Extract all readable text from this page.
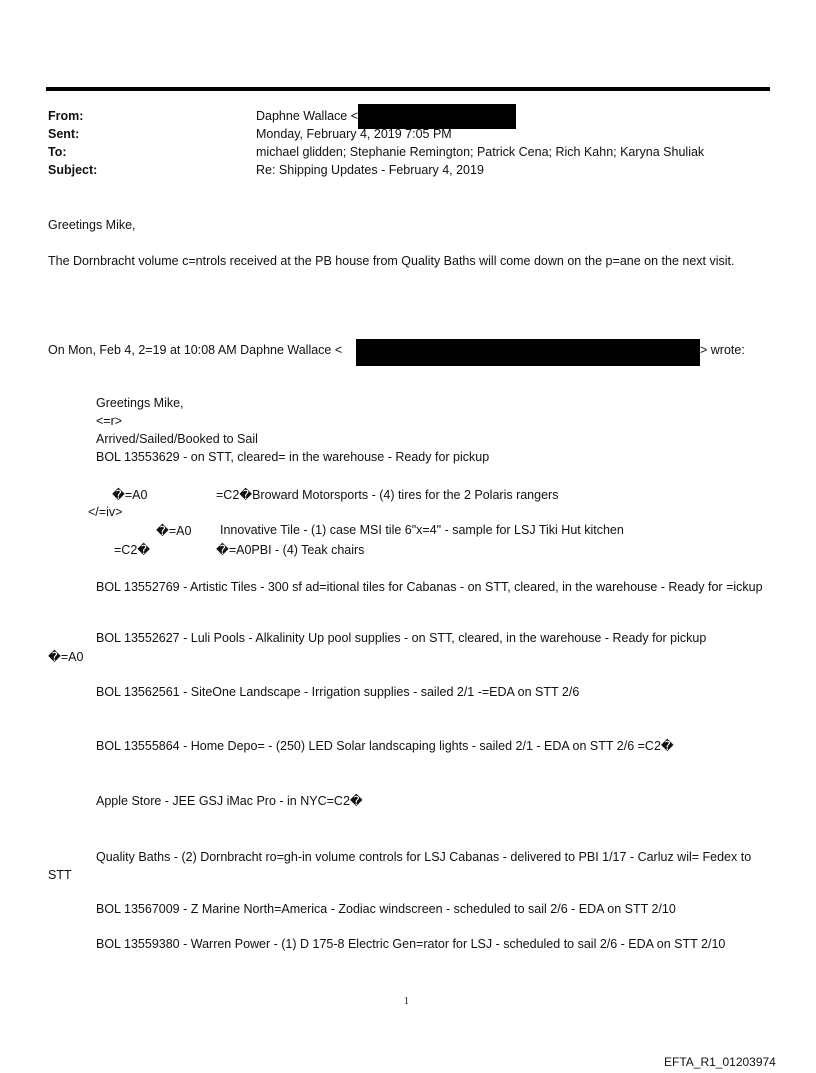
From:	Daphne Wallace <
Sent:	Monday, February 4, 2019 7:05 PM
To:	michael glidden; Stephanie Remington; Patrick Cena; Rich Kahn; Karyna Shuliak
Subject:	Re: Shipping Updates - February 4, 2019
Greetings Mike,
The Dornbracht volume c=ntrols received at the PB house from Quality Baths will come down on the p=ane on the next visit.
On Mon, Feb 4, 2=19 at 10:08 AM Daphne Wallace <	> wrote:
Greetings Mike,
<=r>
Arrived/Sailed/Booked to Sail
BOL 13553629 - on STT, cleared= in the warehouse - Ready for pickup
�=A0	=C2�Broward Motorsports - (4) tires for the 2 Polaris rangers
</=iv>
�=A0 Innovative Tile - (1) case MSI tile 6"x=4" - sample for LSJ Tiki Hut kitchen
=C2�	�=A0PBI - (4) Teak chairs
BOL 13552769 - Artistic Tiles - 300 sf ad=itional tiles for Cabanas - on STT, cleared, in the warehouse - Ready for =ickup
BOL 13552627 - Luli Pools - Alkalinity Up pool supplies - on STT, cleared, in the warehouse - Ready for pickup
�=A0
BOL 13562561 - SiteOne Landscape - Irrigation supplies - sailed 2/1 -=EDA on STT 2/6
BOL 13555864 - Home Depo= - (250) LED Solar landscaping lights - sailed 2/1 - EDA on STT 2/6 =C2�
Apple Store - JEE GSJ iMac Pro - in NYC=C2�
Quality Baths - (2) Dornbracht ro=gh-in volume controls for LSJ Cabanas - delivered to PBI 1/17 - Carluz wil= Fedex to STT
BOL 13567009 - Z Marine North=America - Zodiac windscreen - scheduled to sail 2/6 - EDA on STT 2/10
BOL 13559380 - Warren Power - (1) D 175-8 Electric Gen=rator for LSJ - scheduled to sail 2/6 - EDA on STT 2/10
1
EFTA_R1_01203974
